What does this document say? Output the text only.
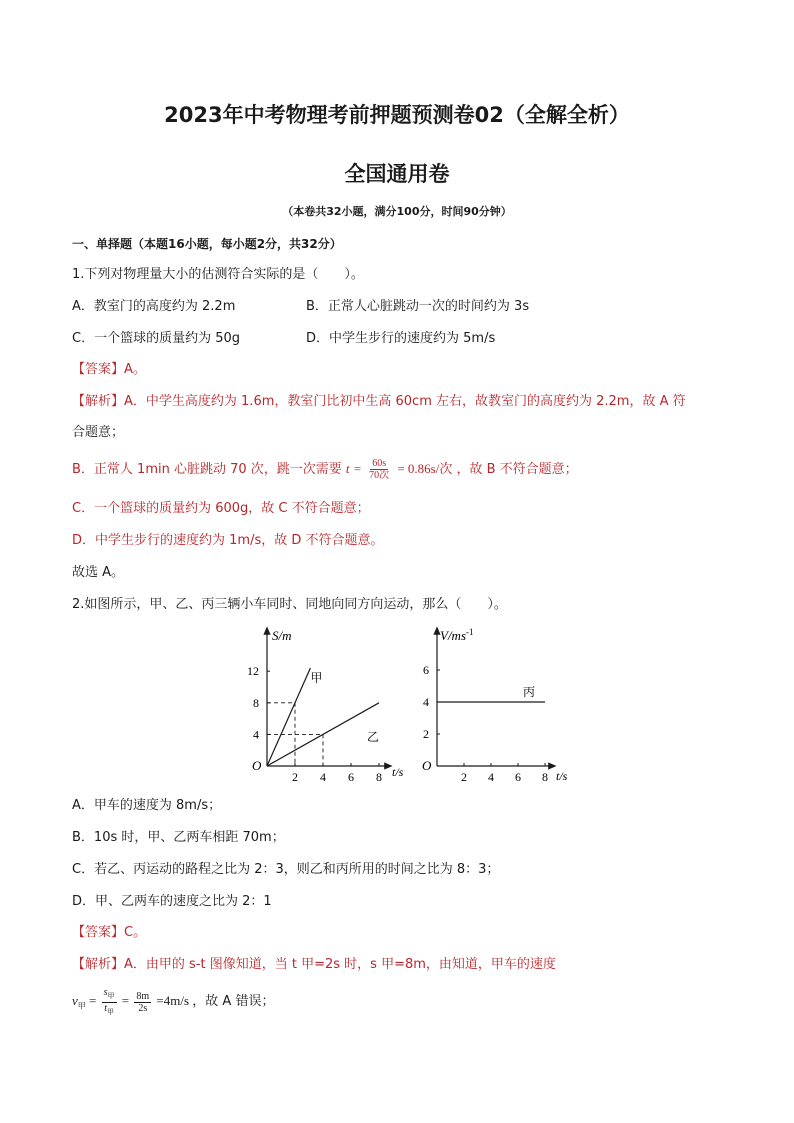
2023年中考物理考前押题预测卷02（全解全析）
全国通用卷
（本卷共32小题，满分100分，时间90分钟）
一、单择题（本题16小题，每小题2分，共32分）
1.下列对物理量大小的估测符合实际的是（　　）。
A．教室门的高度约为 2.2m	B．正常人心脏跳动一次的时间约为 3s
C．一个篮球的质量约为 50g	D．中学生步行的速度约为 5m/s
【答案】A。
【解析】A．中学生高度约为 1.6m，教室门比初中生高 60cm 左右，故教室门的高度约为 2.2m，故 A 符
合题意；
B．正常人 1min 心脏跳动 70 次，跳一次需要 $t = \frac{60s}{\text{70次}} = 0.86s/$次 ，故 B 不符合题意；
C．一个篮球的质量约为 600g，故 C 不符合题意；
D．中学生步行的速度约为 1m/s，故 D 不符合题意。
故选 A。
2.如图所示，甲、乙、丙三辆小车同时、同地向同方向运动，那么（　　）。
S/m
t/s
O
2 4 6 8
4
8
12	甲
乙
$V/ms^{-1}$
t/s
O
2 4 6 8
2
4
6
丙
A．甲车的速度为 8m/s；
B．10s 时，甲、乙两车相距 70m；
C．若乙、丙运动的路程之比为 2：3，则乙和丙所用的时间之比为 8：3；
D．甲、乙两车的速度之比为 2：1
【答案】C。
【解析】A．由甲的 s-t 图像知道，当 t 甲=2s 时，s 甲=8m，由知道，甲车的速度
$v_甲 = \frac{s_甲}{t_甲} = \frac{8m}{2s} =4m/s$ ，故 A 错误；
